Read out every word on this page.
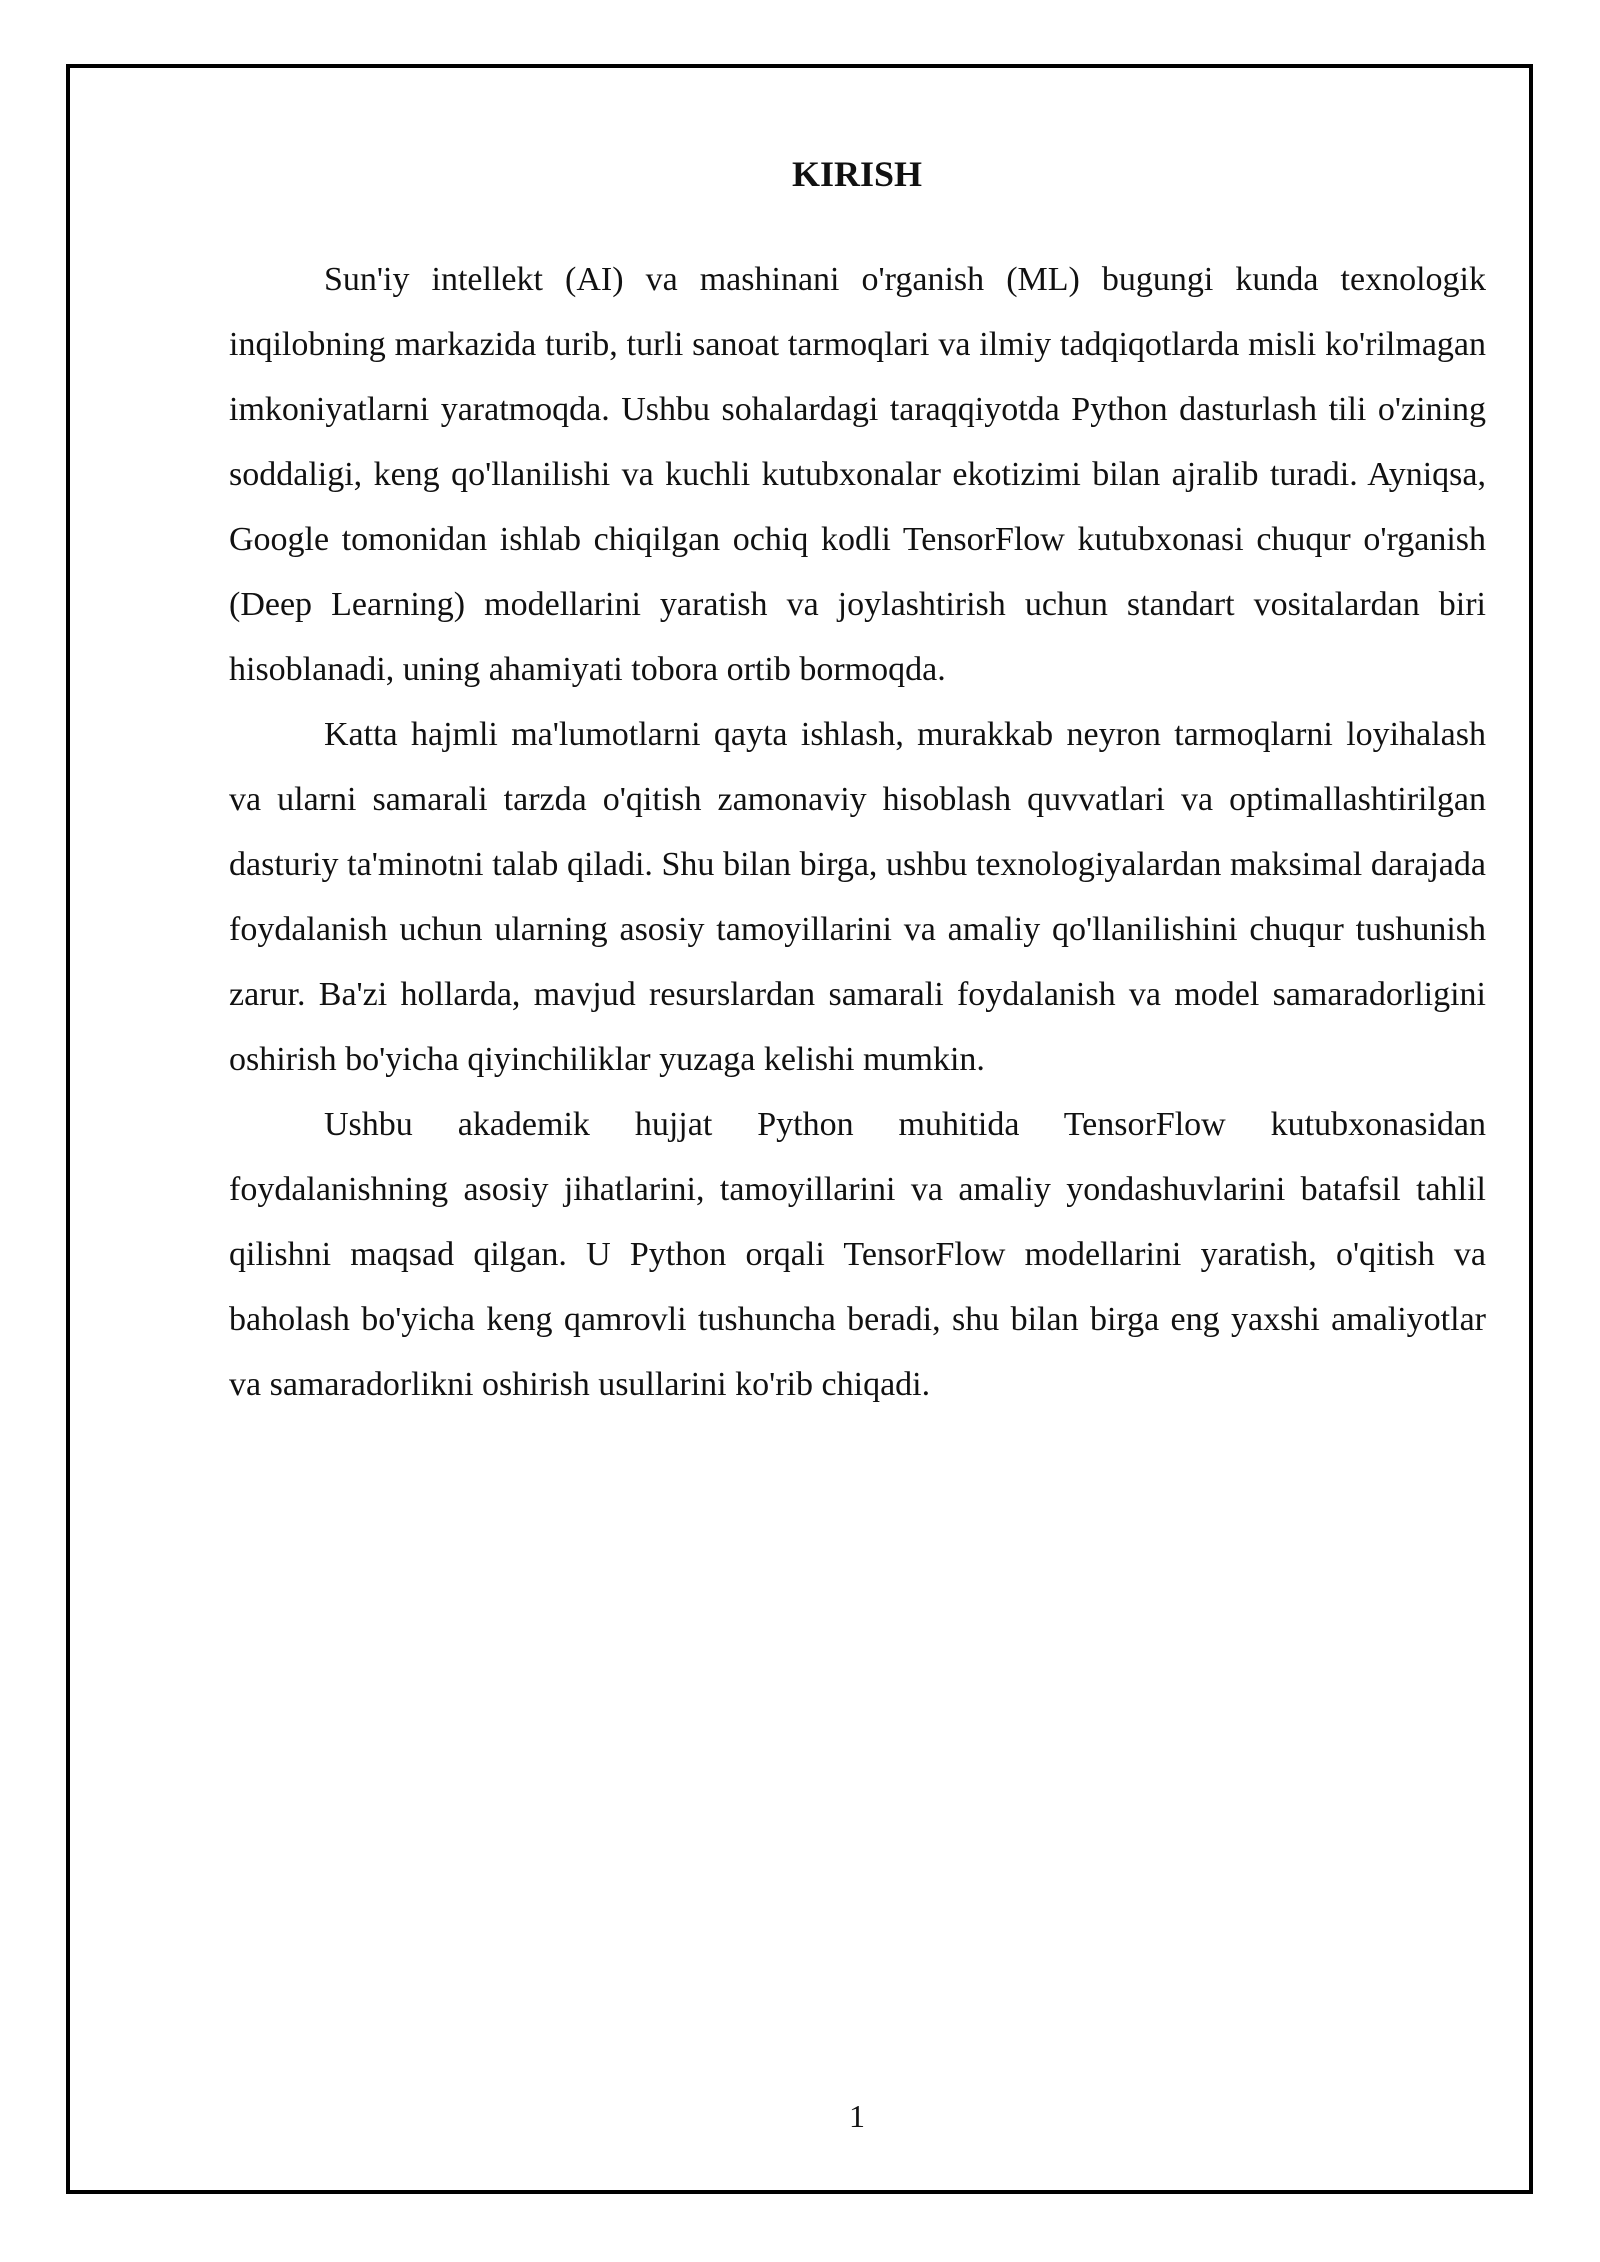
KIRISH

Sun'iy intellekt (AI) va mashinani o'rganish (ML) bugungi kunda texnologik inqilobning markazida turib, turli sanoat tarmoqlari va ilmiy tadqiqotlarda misli ko'rilmagan imkoniyatlarni yaratmoqda. Ushbu sohalardagi taraqqiyotda Python dasturlash tili o'zining soddaligi, keng qo'llanilishi va kuchli kutubxonalar ekotizimi bilan ajralib turadi. Ayniqsa, Google tomonidan ishlab chiqilgan ochiq kodli TensorFlow kutubxonasi chuqur o'rganish (Deep Learning) modellarini yaratish va joylashtirish uchun standart vositalardan biri hisoblanadi, uning ahamiyati tobora ortib bormoqda.

Katta hajmli ma'lumotlarni qayta ishlash, murakkab neyron tarmoqlarni loyihalash va ularni samarali tarzda o'qitish zamonaviy hisoblash quvvatlari va optimallashtirilgan dasturiy ta'minotni talab qiladi. Shu bilan birga, ushbu texnologiyalardan maksimal darajada foydalanish uchun ularning asosiy tamoyillarini va amaliy qo'llanilishini chuqur tushunish zarur. Ba'zi hollarda, mavjud resurslardan samarali foydalanish va model samaradorligini oshirish bo'yicha qiyinchiliklar yuzaga kelishi mumkin.

Ushbu akademik hujjat Python muhitida TensorFlow kutubxonasidan foydalanishning asosiy jihatlarini, tamoyillarini va amaliy yondashuvlarini batafsil tahlil qilishni maqsad qilgan. U Python orqali TensorFlow modellarini yaratish, o'qitish va baholash bo'yicha keng qamrovli tushuncha beradi, shu bilan birga eng yaxshi amaliyotlar va samaradorlikni oshirish usullarini ko'rib chiqadi.

1
